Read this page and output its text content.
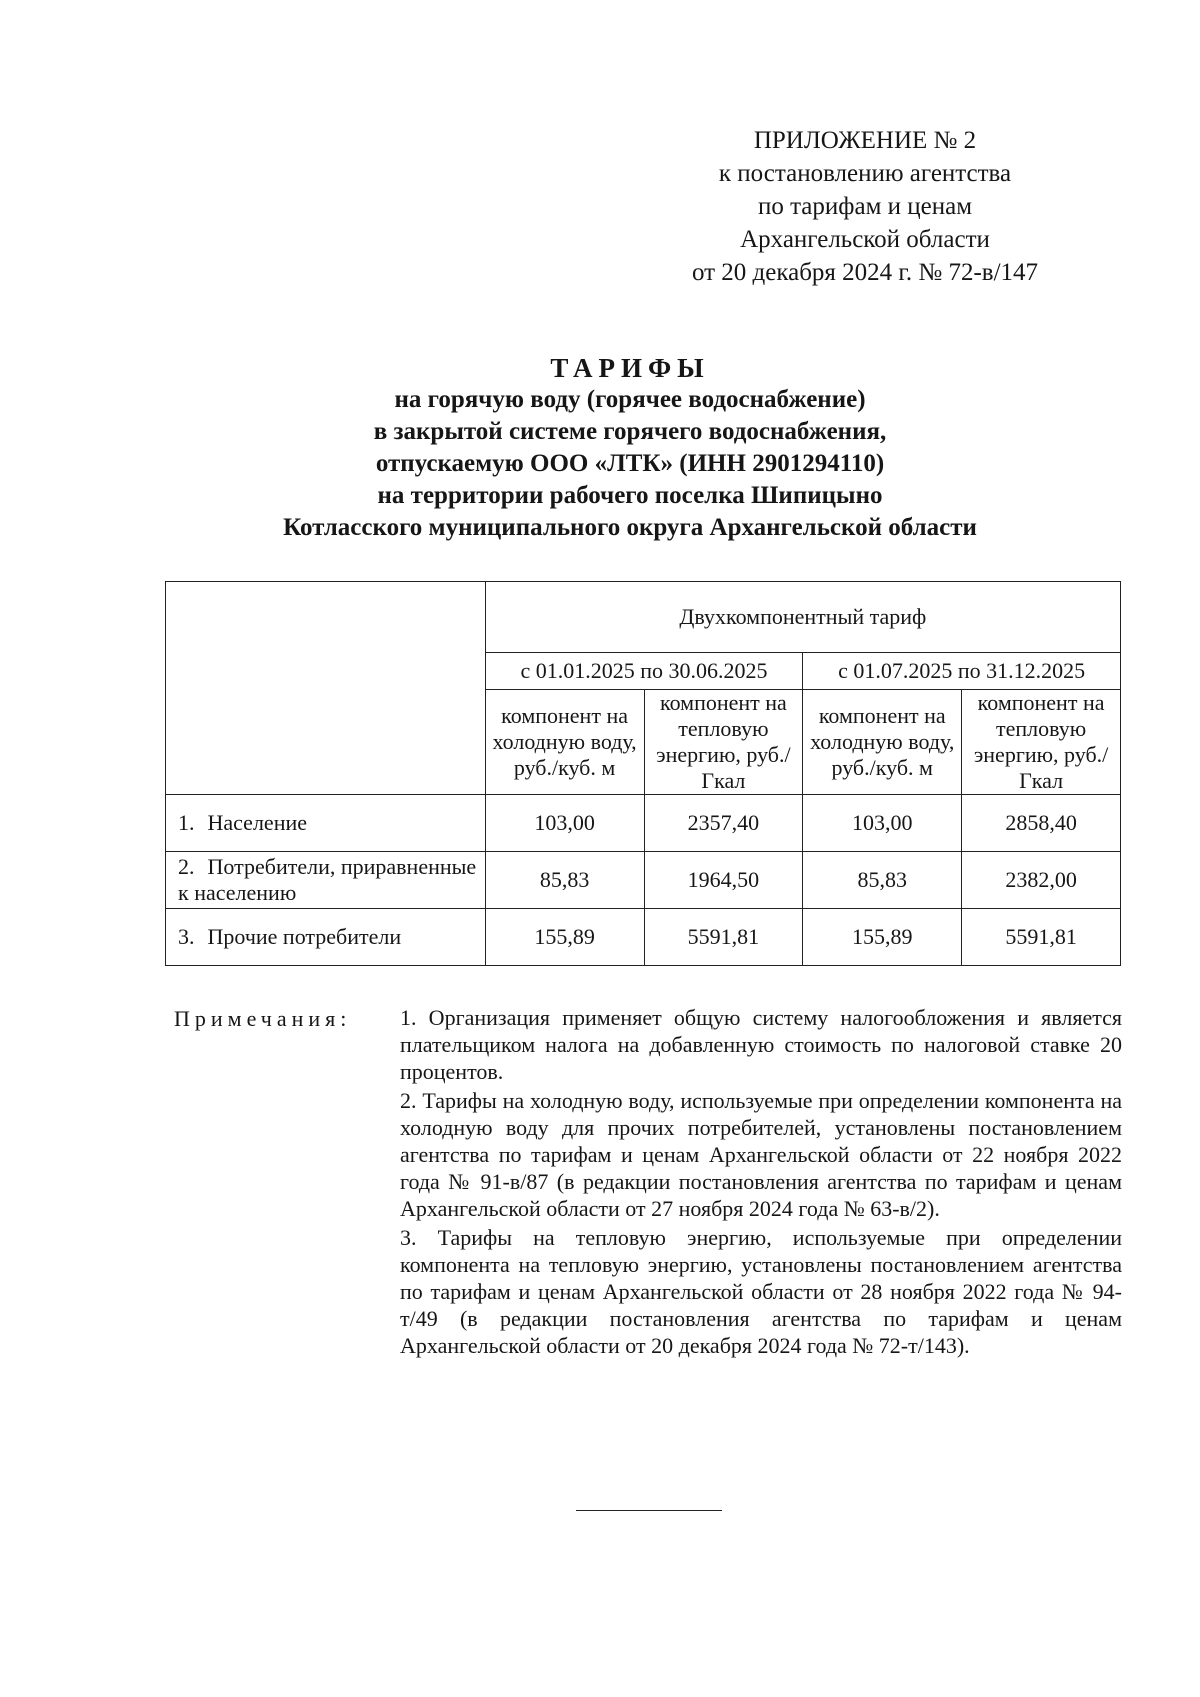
ПРИЛОЖЕНИЕ № 2
к постановлению агентства
по тарифам и ценам
Архангельской области
от 20 декабря 2024 г. № 72-в/147
ТАРИФЫ
на горячую воду (горячее водоснабжение)
в закрытой системе горячего водоснабжения,
отпускаемую ООО «ЛТК» (ИНН 2901294110)
на территории рабочего поселка Шипицыно
Котласского муниципального округа Архангельской области
	Двухкомпонентный тариф			
	с 01.01.2025 по 30.06.2025		с 01.07.2025 по 31.12.2025	
	компонент на холодную воду, руб./куб. м	компонент на тепловую энергию, руб./Гкал	компонент на холодную воду, руб./куб. м	компонент на тепловую энергию, руб./Гкал
1. Население	103,00	2357,40	103,00	2858,40
2. Потребители, приравненные к населению	85,83	1964,50	85,83	2382,00
3. Прочие потребители	155,89	5591,81	155,89	5591,81
Примечания: 1. Организация применяет общую систему налогообложения и является плательщиком налога на добавленную стоимость по налоговой ставке 20 процентов.

2. Тарифы на холодную воду, используемые при определении компонента на холодную воду для прочих потребителей, установлены постановлением агентства по тарифам и ценам Архангельской области от 22 ноября 2022 года № 91-в/87 (в редакции постановления агентства по тарифам и ценам Архангельской области от 27 ноября 2024 года № 63-в/2).

3. Тарифы на тепловую энергию, используемые при определении компонента на тепловую энергию, установлены постановлением агентства по тарифам и ценам Архангельской области от 28 ноября 2022 года № 94-т/49 (в редакции постановления агентства по тарифам и ценам Архангельской области от 20 декабря 2024 года № 72-т/143).
